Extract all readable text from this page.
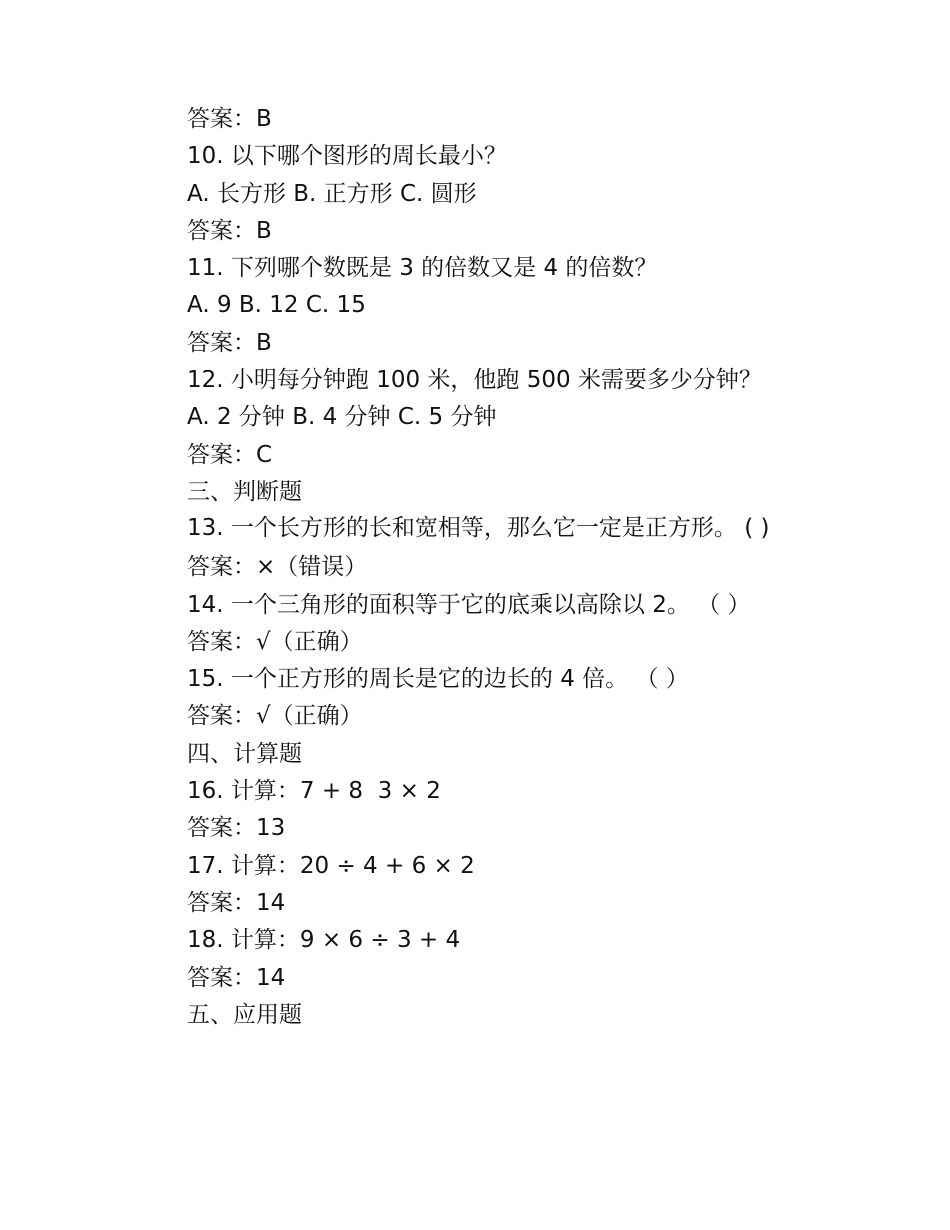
答案：B
10. 以下哪个图形的周长最小？
A. 长方形 B. 正方形 C. 圆形
答案：B
11. 下列哪个数既是 3 的倍数又是 4 的倍数？
A. 9 B. 12 C. 15
答案：B
12. 小明每分钟跑 100 米，他跑 500 米需要多少分钟？
A. 2 分钟 B. 4 分钟 C. 5 分钟
答案：C
三、判断题
13. 一个长方形的长和宽相等，那么它一定是正方形。 ( )
答案：×（错误）
14. 一个三角形的面积等于它的底乘以高除以 2。 （ ）
答案：√（正确）
15. 一个正方形的周长是它的边长的 4 倍。 （ ）
答案：√（正确）
四、计算题
16. 计算：7 + 8  3 × 2
答案：13
17. 计算：20 ÷ 4 + 6 × 2
答案：14
18. 计算：9 × 6 ÷ 3 + 4
答案：14
五、应用题
